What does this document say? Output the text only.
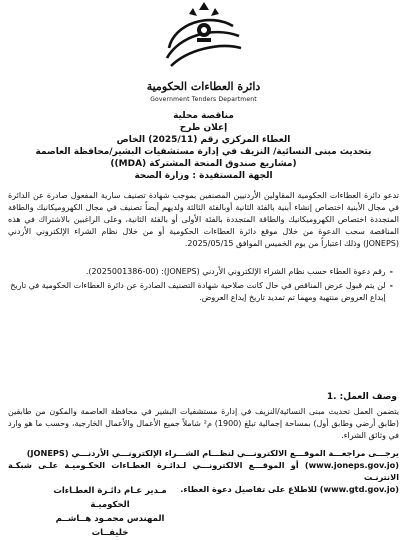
دائرة العطاءات الحكومية
Government Tenders Department
مناقصة محلية
إعلان طرح
العطاء المركزي رقم (2025/11) الخاص
بتحديث مبنى النسائية/ النزيف في إدارة مستشفيات البشير/محافظة العاصمة
(مشاريع صندوق المنحة المشتركة (MDA))
الجهة المستفيدة : وزارة الصحة
تدعو دائرة العطاءات الحكومية المقاولين الأردنيين المصنفين بموجب شهادة تصنيف سارية المفعول صادرة عن الدائرة في مجال الأبنية اختصاص إنشاء أبنية بالفئة الثانية أوبالفئة الثالثة ولديهم أيضاً تصنيف في مجال الكهروميكانيك والطاقة المتجددة اختصاص الكهروميكانيك والطاقة المتجددة بالفئة الأولى أو بالفئة الثانية، وعلى الراغبين بالاشتراك في هذه المناقصة سحب الدعوة من خلال موقع دائرة العطاءات الحكومية أو من خلال نظام الشراء الإلكتروني الأردني (JONEPS) وذلك اعتباراً من يوم الخميس الموافق 2025/05/15.
-
رقم دعوة العطاء حسب نظام الشراء الإلكتروني الأردني (JONEPS): (2025001386-00).
-
لن يتم قبول عرض المناقص في حال كانت صلاحية شهادة التصنيف الصادرة عن دائرة العطاءات الحكومية في تاريخ إيداع العروض منتهية ومهما تم تمديد تاريخ إيداع العروض.
وصف العمل: 1.
يتضمن العمل تحديث مبنى النسائية/النزيف في إدارة مستشفيات البشير في محافظة العاصمة والمكون من طابقين (طابق أرضي وطابق أول) بمساحة إجمالية تبلغ (1900) م² شاملاً جميع الأعمال والأعمال الخارجية، وحسب ما هو وارد في وثائق الشراء.
يرجـــى مراجعـــة الموقـــع الالكترونـــي لنظـــام الشـــراء الإلكترونـــي الأردنـــي (JONEPS)
(www.joneps.gov.jo) أو الموقـــع الالكترونـــي لـدائـرة العطـاءات الحكـوميـة علـى شبكـة الانترنـت
(www.gtd.gov.jo) للاطلاع على تفاصيل دعوة العطاء.
مـدير عـام دائـرة العطـاءات الحكوميـة
المهندس محمـود هــاشــم خليفــات
